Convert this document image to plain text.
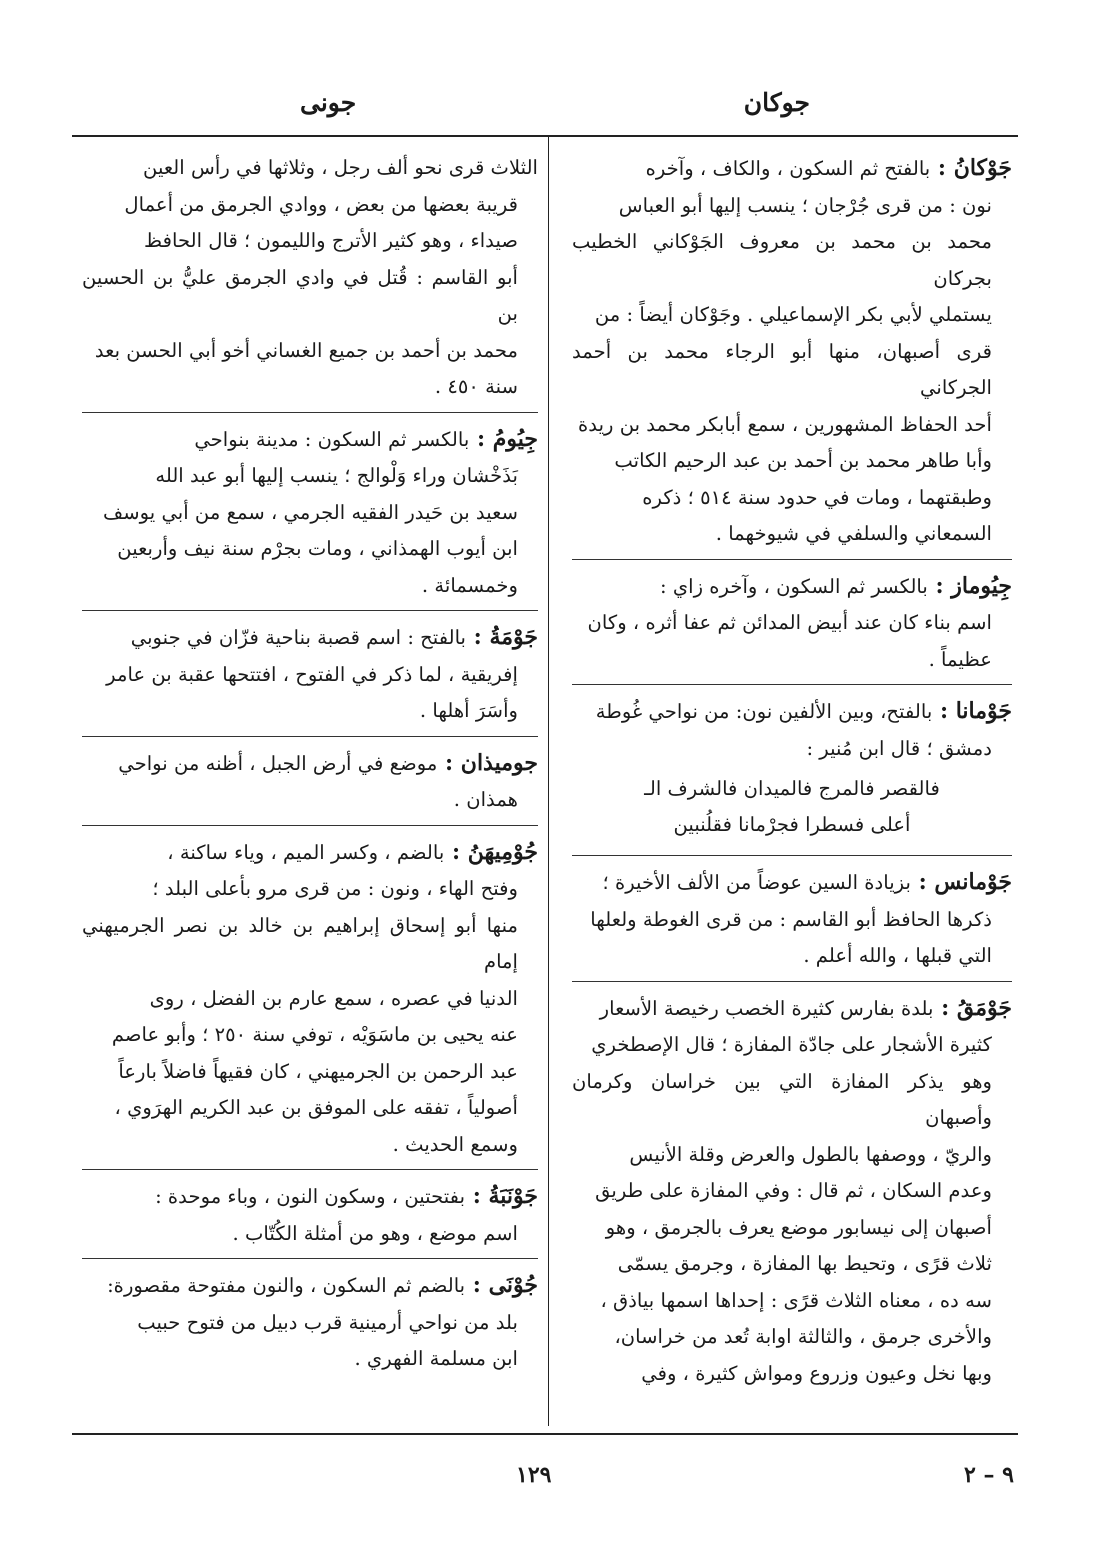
جوكان
جونى
جَوْكانُ : بالفتح ثم السكون ، والكاف ، وآخره
نون : من قرى جُرْجان ؛ ينسب إليها أبو العباس
محمد بن محمد بن معروف الجَوْكاني الخطيب بجركان
يستملي لأبي بكر الإسماعيلي . وجَوْكان أيضاً : من
قرى أصبهان، منها أبو الرجاء محمد بن أحمد الجركاني
أحد الحفاظ المشهورين ، سمع أبابكر محمد بن ريدة
وأبا طاهر محمد بن أحمد بن عبد الرحيم الكاتب
وطبقتهما ، ومات في حدود سنة ٥١٤ ؛ ذكره
السمعاني والسلفي في شيوخهما .
جِيُوماز : بالكسر ثم السكون ، وآخره زاي :
اسم بناء كان عند أبيض المدائن ثم عفا أثره ، وكان
عظيماً .
جَوْمانا : بالفتح، وبين الألفين نون: من نواحي غُوطة
دمشق ؛ قال ابن مُنير :
فالقصر فالمرج فالميدان فالشرف الـ
أعلى فسطرا فجرْمانا فقلُنبين
جَوْمانس : بزيادة السين عوضاً من الألف الأخيرة ؛
ذكرها الحافظ أبو القاسم : من قرى الغوطة ولعلها
التي قبلها ، والله أعلم .
جَوْمَقُ : بلدة بفارس كثيرة الخصب رخيصة الأسعار
كثيرة الأشجار على جادّة المفازة ؛ قال الإصطخري
وهو يذكر المفازة التي بين خراسان وكرمان وأصبهان
والريّ ، ووصفها بالطول والعرض وقلة الأنيس
وعدم السكان ، ثم قال : وفي المفازة على طريق
أصبهان إلى نيسابور موضع يعرف بالجرمق ، وهو
ثلاث قرًى ، وتحيط بها المفازة ، وجرمق يسمّى
سه ده ، معناه الثلاث قرًى : إحداها اسمها بياذق ،
والأخرى جرمق ، والثالثة اوابة تُعد من خراسان،
وبها نخل وعيون وزروع ومواش كثيرة ، وفي
الثلاث قرى نحو ألف رجل ، وثلاثها في رأس العين
قريبة بعضها من بعض ، ووادي الجرمق من أعمال
صيداء ، وهو كثير الأترج والليمون ؛ قال الحافظ
أبو القاسم : قُتل في وادي الجرمق عليُّ بن الحسين بن
محمد بن أحمد بن جميع الغساني أخو أبي الحسن بعد
سنة ٤٥٠ .
جِيُومُ : بالكسر ثم السكون : مدينة بنواحي
بَذَخْشان وراء وَلْوالج ؛ ينسب إليها أبو عبد الله
سعيد بن حَيدر الفقيه الجرمي ، سمع من أبي يوسف
ابن أيوب الهمذاني ، ومات بجرْم سنة نيف وأربعين
وخمسمائة .
جَوْمَةُ : بالفتح : اسم قصبة بناحية فزّان في جنوبي
إفريقية ، لما ذكر في الفتوح ، افتتحها عقبة بن عامر
وأسَرَ أهلها .
جوميذان : موضع في أرض الجبل ، أظنه من نواحي
همذان .
جُوْمِيهَنُ : بالضم ، وكسر الميم ، وياء ساكنة ،
وفتح الهاء ، ونون : من قرى مرو بأعلى البلد ؛
منها أبو إسحاق إبراهيم بن خالد بن نصر الجرميهني إمام
الدنيا في عصره ، سمع عارم بن الفضل ، روى
عنه يحيى بن ماسَوَيْه ، توفي سنة ٢٥٠ ؛ وأبو عاصم
عبد الرحمن بن الجرميهني ، كان فقيهاً فاضلاً بارعاً
أصولياً ، تفقه على الموفق بن عبد الكريم الهرَوي ،
وسمع الحديث .
جَوْنَبَةُ : بفتحتين ، وسكون النون ، وباء موحدة :
اسم موضع ، وهو من أمثلة الكُتّاب .
جُوْنَى : بالضم ثم السكون ، والنون مفتوحة مقصورة:
بلد من نواحي أرمينية قرب دبيل من فتوح حبيب
ابن مسلمة الفهري .
١٢٩	٩ – ٢
